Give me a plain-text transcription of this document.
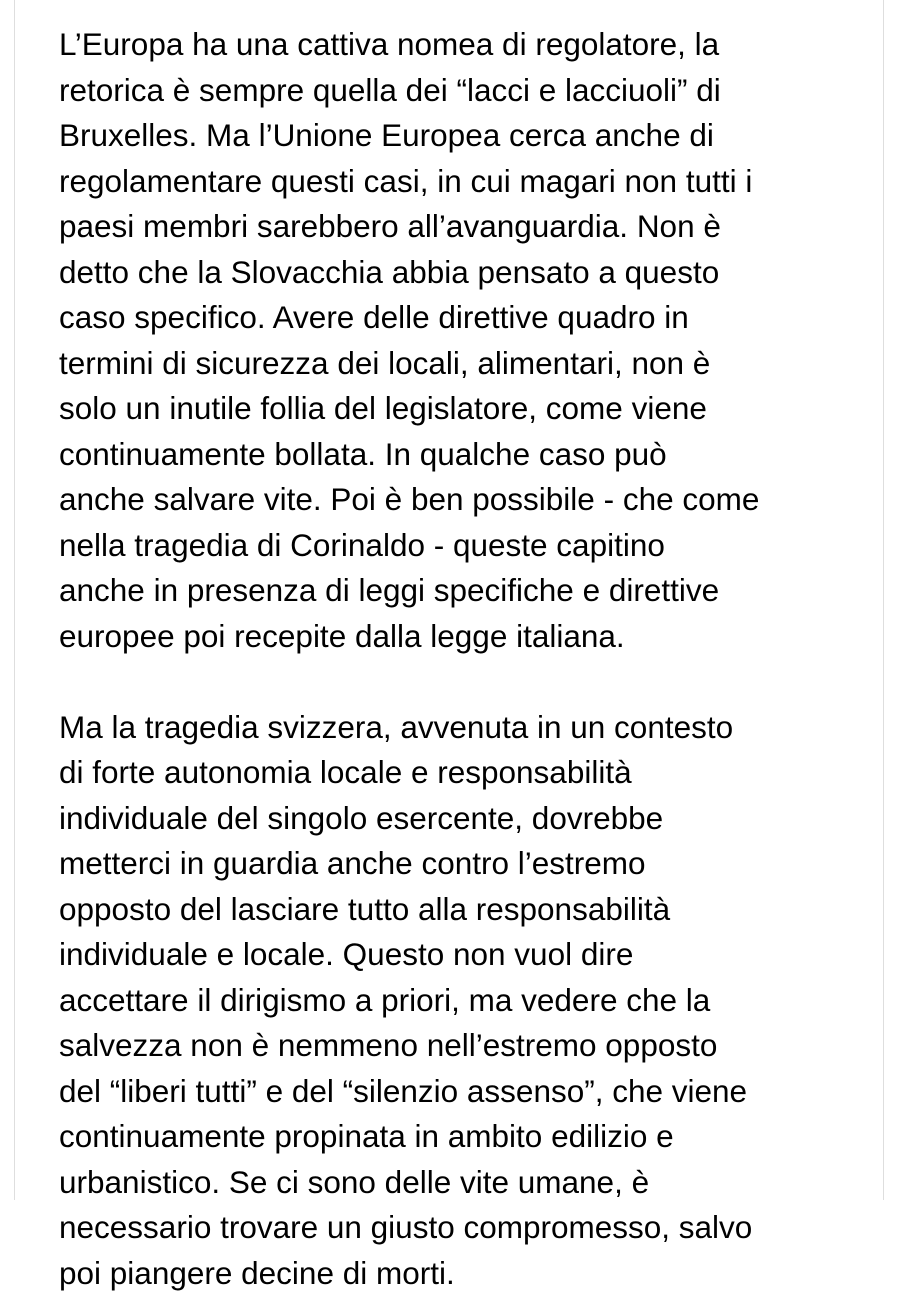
L’Europa ha una cattiva nomea di regolatore, la
retorica è sempre quella dei “lacci e lacciuoli” di
Bruxelles. Ma l’Unione Europea cerca anche di
regolamentare questi casi, in cui magari non tutti i
paesi membri sarebbero all’avanguardia. Non è
detto che la Slovacchia abbia pensato a questo
caso specifico. Avere delle direttive quadro in
termini di sicurezza dei locali, alimentari, non è
solo un inutile follia del legislatore, come viene
continuamente bollata. In qualche caso può
anche salvare vite. Poi è ben possibile - che come
nella tragedia di Corinaldo - queste capitino
anche in presenza di leggi specifiche e direttive
europee poi recepite dalla legge italiana.
Ma la tragedia svizzera, avvenuta in un contesto
di forte autonomia locale e responsabilità
individuale del singolo esercente, dovrebbe
metterci in guardia anche contro l’estremo
opposto del lasciare tutto alla responsabilità
individuale e locale. Questo non vuol dire
accettare il dirigismo a priori, ma vedere che la
salvezza non è nemmeno nell’estremo opposto
del “liberi tutti” e del “silenzio assenso”, che viene
continuamente propinata in ambito edilizio e
urbanistico. Se ci sono delle vite umane, è
necessario trovare un giusto compromesso, salvo
poi piangere decine di morti.
